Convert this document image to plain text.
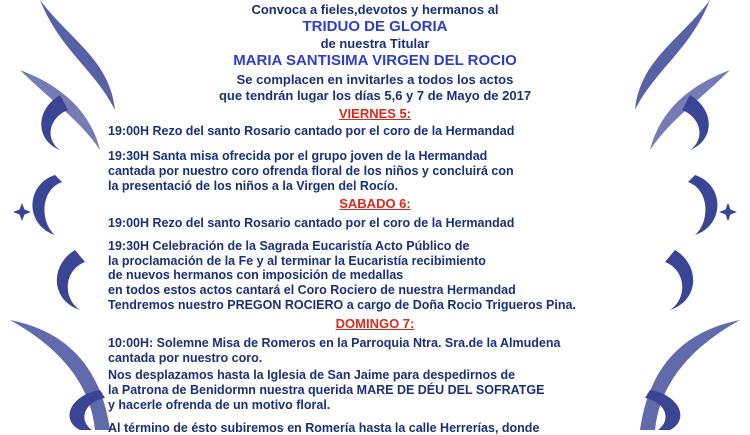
Convoca a fieles,devotos y hermanos al
TRIDUO DE GLORIA
de nuestra Titular
MARIA SANTISIMA VIRGEN DEL ROCIO
Se complacen en invitarles a todos los actos
que tendrán lugar los días 5,6 y 7 de Mayo de 2017
VIERNES 5:
19:00H Rezo del santo Rosario cantado por el coro de la Hermandad
19:30H Santa misa ofrecida por el grupo joven de la Hermandad
cantada por nuestro coro ofrenda floral de los niños y concluirá con
la presentació de los niños a la Virgen del Rocío.
SABADO 6:
19:00H Rezo del santo Rosario cantado por el coro de la Hermandad
19:30H Celebración de la Sagrada Eucaristía Acto Público de
la proclamación de la Fe y al terminar la Eucaristía recibimiento
de nuevos hermanos con imposición de medallas
en todos estos actos cantará el Coro Rociero de nuestra Hermandad
Tendremos nuestro PREGON ROCIERO a cargo de Doña Rocio Trigueros Pina.
DOMINGO 7:
10:00H: Solemne Misa de Romeros en la Parroquia Ntra. Sra.de la Almudena
cantada por nuestro coro.
Nos desplazamos hasta la Iglesia de San Jaime para despedirnos de
la Patrona de Benidormn nuestra querida MARE DE DÉU DEL SOFRATGE
y hacerle ofrenda de un motivo floral.
Al término de ésto subiremos en Romería hasta la calle Herrerías, donde
